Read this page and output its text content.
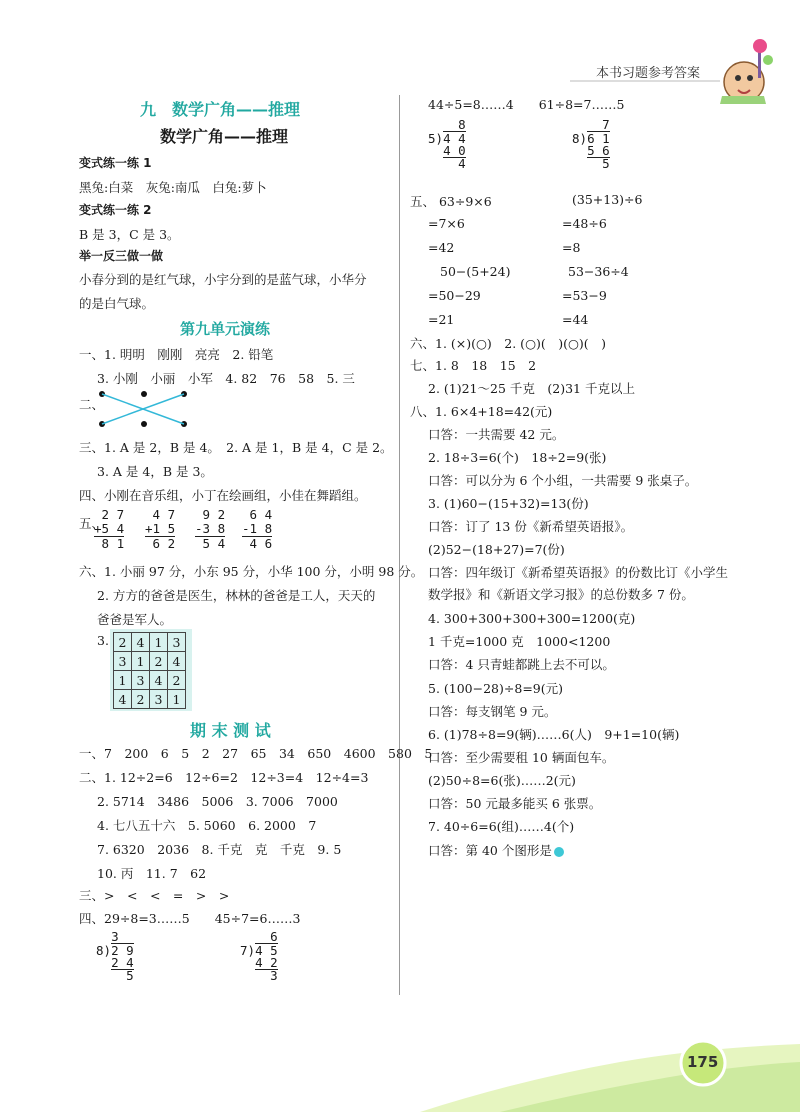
本书习题参考答案
九　数学广角——推理
数学广角——推理
变式练一练 1
黑兔:白菜　灰兔:南瓜　白兔:萝卜
变式练一练 2
B 是 3，C 是 3。
举一反三做一做
小春分到的是红气球，小宇分到的是蓝气球，小华分
的是白气球。
第九单元演练
一、1. 明明　刚刚　亮亮　2. 铅笔
3. 小刚　小丽　小军　4. 82　76　58　5. 三
二、
三、1. A 是 2，B 是 4。　2. A 是 1，B 是 4，C 是 2。
3. A 是 4，B 是 3。
四、小刚在音乐组，小丁在绘画组，小佳在舞蹈组。
五、
2 7
+5 4
8 1
4 7
+1 5
6 2
9 2
-3 8
5 4
6 4
-1 8
4 6
六、1. 小丽 97 分，小东 95 分，小华 100 分，小明 98 分。
2. 方方的爸爸是医生，林林的爸爸是工人，天天的
爸爸是军人。
3. 2	4	1	3
3	1	2	4
1	3	4	2
4	2	3	1
期 末 测 试
一、7　200　6　5　2　27　65　34　650　4600　580　5
二、1. 12÷2=6　12÷6=2　12÷3=4　12÷4=3
2. 5714　3486　5006　3. 7006　7000
4. 七八五十六　5. 5060　6. 2000　7
7. 6320　2036　8. 千克　克　千克　9. 5
10. 丙　11. 7　62
三、>　<　<　=　>　>
四、29÷8=3……5　　45÷7=6……3
3
8)2 9
2 4
5
6
7)4 5
4 2
3
44÷5=8……4　　61÷8=7……5
8
5)4 4
4 0
4
7
8)6 1
5 6
5
五、 63÷9×6	(35+13)÷6
=7×6	=48÷6
=42	=8
50−(5+24)	53−36÷4
=50−29	=53−9
=21	=44
六、1. (×)(○)　2. (○)(　)(○)(　)
七、1. 8　18　15　2
2. (1)21～25 千克　(2)31 千克以上
八、1. 6×4+18=42(元)
口答：一共需要 42 元。
2. 18÷3=6(个)　18÷2=9(张)
口答：可以分为 6 个小组，一共需要 9 张桌子。
3. (1)60−(15+32)=13(份)
口答：订了 13 份《新希望英语报》。
(2)52−(18+27)=7(份)
口答：四年级订《新希望英语报》的份数比订《小学生
数学报》和《新语文学习报》的总份数多 7 份。
4. 300+300+300+300=1200(克)
1 千克=1000 克　1000<1200
口答：4 只青蛙都跳上去不可以。
5. (100−28)÷8=9(元)
口答：每支钢笔 9 元。
6. (1)78÷8=9(辆)……6(人)　9+1=10(辆)
口答：至少需要租 10 辆面包车。
(2)50÷8=6(张)……2(元)
口答：50 元最多能买 6 张票。
7. 40÷6=6(组)……4(个)
口答：第 40 个图形是
175
